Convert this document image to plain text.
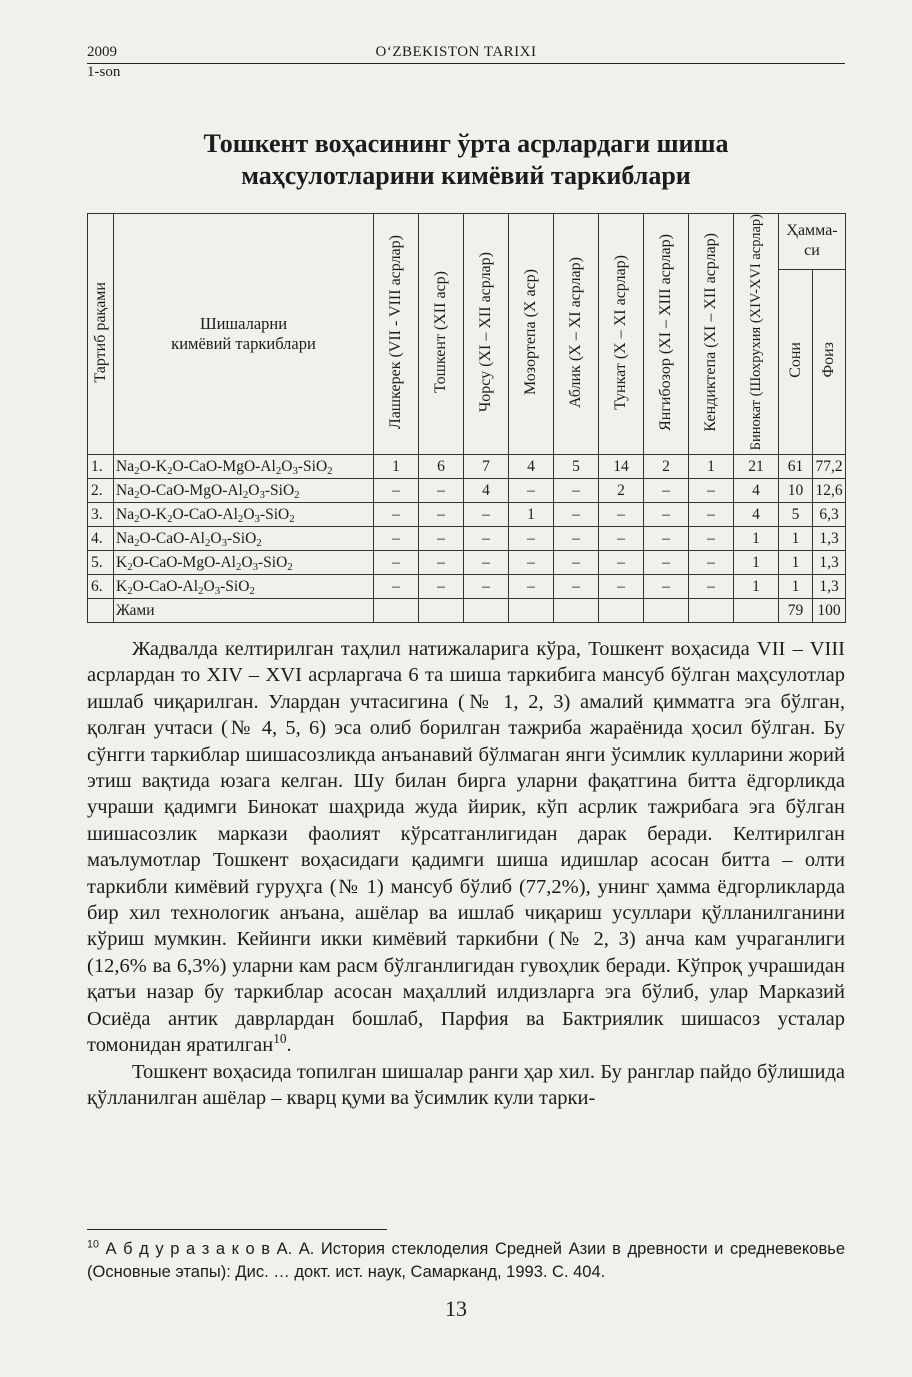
2009	O‘ZBEKISTON TARIXI
1-son
Тошкент воҳасининг ўрта асрлардаги шиша
маҳсулотларини кимёвий таркиблари
Тартиб рақами	Шишаларни кимёвий таркиблари	Лашкерек (VII - VIII асрлар)	Тошкент (XII аср)	Чорсу (XI – XII асрлар)	Мозортепа (X аср)	Аблик (X – XI асрлар)	Тункат (X – XI асрлар)	Янгибозор (XI – XIII асрлар)	Кендиктепа (XI – XII асрлар)	Бинокат (Шохрухия (XIV-XVI асрлар)	Ҳамма-си	

											Сони	Фоиз
1.	$Na_2O-K_2O-CaO-MgO-Al_2O_3-SiO_2$	1	6	7	4	5	14	2	1	21	61	77,2
2.	$Na_2O-CaO-MgO-Al_2O_3-SiO_2$	–	–	4	–	–	2	–	–	4	10	12,6
3.	$Na_2O-K_2O-CaO-Al_2O_3-SiO_2$	–	–	–	1	–	–	–	–	4	5	6,3
4.	$Na_2O-CaO-Al_2O_3-SiO_2$	–	–	–	–	–	–	–	–	1	1	1,3
5.	$K_2O-CaO-MgO-Al_2O_3-SiO_2$	–	–	–	–	–	–	–	–	1	1	1,3
6.	$K_2O-CaO-Al_2O_3-SiO_2$	–	–	–	–	–	–	–	–	1	1	1,3
	Жами										79	100

Жадвалда келтирилган таҳлил натижаларига кўра, Тошкент воҳасида VII – VIII асрлардан то XIV – XVI асрларгача 6 та шиша таркибига мансуб бўлган маҳсулотлар ишлаб чиқарилган. Улардан учтасигина (№ 1, 2, 3) амалий қимматга эга бўлган, қолган учтаси (№ 4, 5, 6) эса олиб борилган тажриба жараёнида ҳосил бўлган. Бу сўнгги таркиблар шишасозликда анъанавий бўлмаган янги ўсимлик кулларини жорий этиш вақтида юзага келган. Шу билан бирга уларни фақатгина битта ёдгорликда учраши қадимги Бинокат шаҳрида жуда йирик, кўп асрлик тажрибага эга бўлган шишасозлик маркази фаолият кўрсатганлигидан дарак беради. Келтирилган маълумотлар Тошкент воҳасидаги қадимги шиша идишлар асосан битта – олти таркибли кимёвий гуруҳга (№ 1) мансуб бўлиб (77,2%), унинг ҳамма ёдгорликларда бир хил технологик анъана, ашёлар ва ишлаб чиқариш усуллари қўлланилганини кўриш мумкин. Кейинги икки кимёвий таркибни (№ 2, 3) анча кам учраганлиги (12,6% ва 6,3%) уларни кам расм бўлганлигидан гувоҳлик беради. Кўпроқ учрашидан қатъи назар бу таркиблар асосан маҳаллий илдизларга эга бўлиб, улар Марказий Осиёда антик даврлардан бошлаб, Парфия ва Бактриялик шишасоз усталар томонидан яратилган$^{10}$.

Тошкент воҳасида топилган шишалар ранги ҳар хил. Бу ранглар пайдо бўлишида қўлланилган ашёлар – кварц қуми ва ўсимлик кули тарки-

$^{10}$ А б д у р а з а к о в А. А. История стеклоделия Средней Азии в древности и средневековье (Основные этапы): Дис. … докт. ист. наук, Самарканд, 1993. С. 404.
13
